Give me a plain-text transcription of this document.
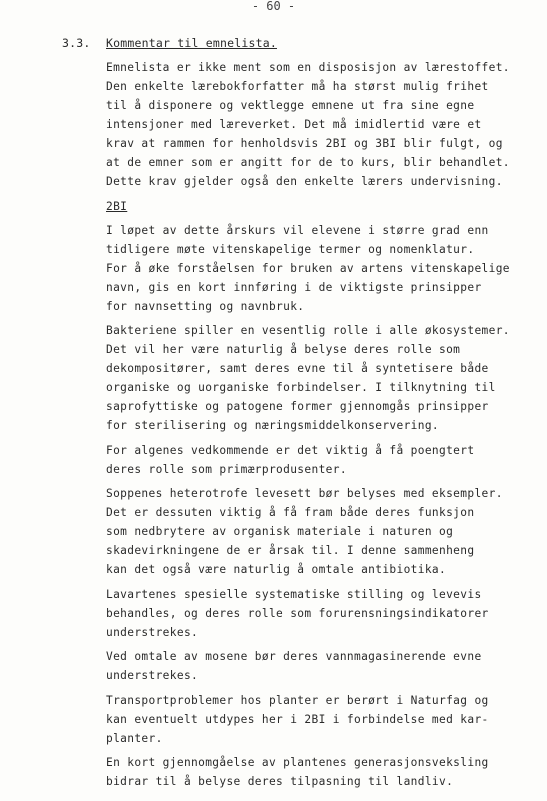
- 60 -
3.3. Kommentar til emnelista.
Emnelista er ikke ment som en disposisjon av lærestoffet.
Den enkelte lærebokforfatter må ha størst mulig frihet
til å disponere og vektlegge emnene ut fra sine egne
intensjoner med læreverket. Det må imidlertid være et
krav at rammen for henholdsvis 2BI og 3BI blir fulgt, og
at de emner som er angitt for de to kurs, blir behandlet.
Dette krav gjelder også den enkelte lærers undervisning.
2BI
I løpet av dette årskurs vil elevene i større grad enn
tidligere møte vitenskapelige termer og nomenklatur.
For å øke forståelsen for bruken av artens vitenskapelige
navn, gis en kort innføring i de viktigste prinsipper
for navnsetting og navnbruk.
Bakteriene spiller en vesentlig rolle i alle økosystemer.
Det vil her være naturlig å belyse deres rolle som
dekompositører, samt deres evne til å syntetisere både
organiske og uorganiske forbindelser. I tilknytning til
saprofyttiske og patogene former gjennomgås prinsipper
for sterilisering og næringsmiddelkonservering.
For algenes vedkommende er det viktig å få poengtert
deres rolle som primærprodusenter.
Soppenes heterotrofe levesett bør belyses med eksempler.
Det er dessuten viktig å få fram både deres funksjon
som nedbrytere av organisk materiale i naturen og
skadevirkningene de er årsak til. I denne sammenheng
kan det også være naturlig å omtale antibiotika.
Lavartenes spesielle systematiske stilling og levevis
behandles, og deres rolle som forurensningsindikatorer
understrekes.
Ved omtale av mosene bør deres vannmagasinerende evne
understrekes.
Transportproblemer hos planter er berørt i Naturfag og
kan eventuelt utdypes her i 2BI i forbindelse med kar-
planter.
En kort gjennomgåelse av plantenes generasjonsveksling
bidrar til å belyse deres tilpasning til landliv.
